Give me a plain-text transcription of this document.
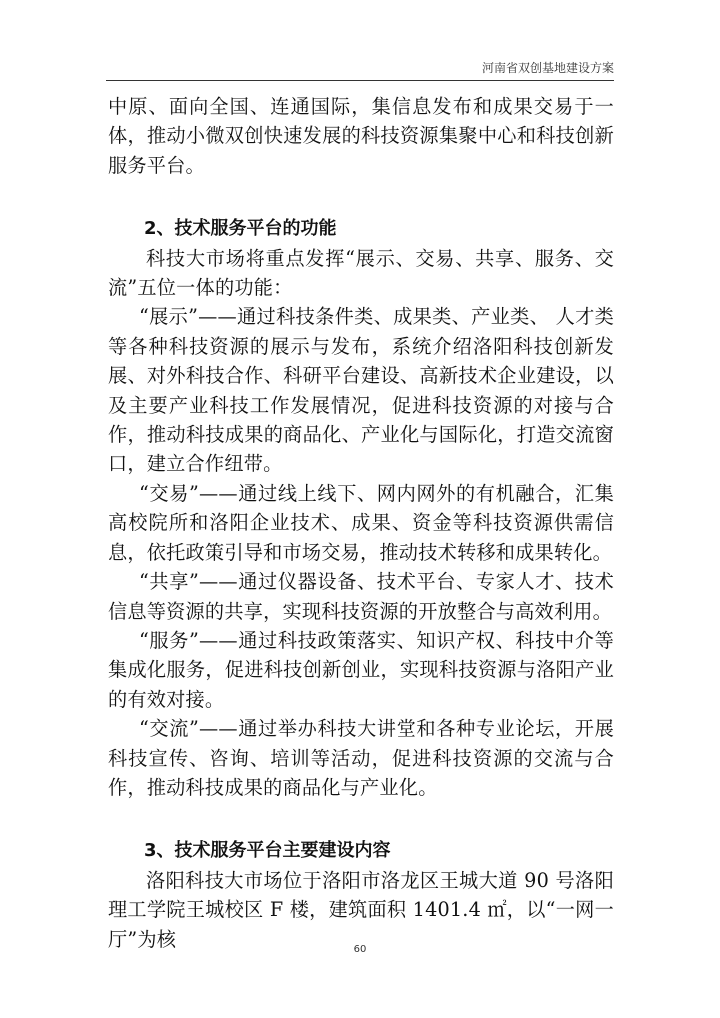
河南省双创基地建设方案

中原、面向全国、连通国际，集信息发布和成果交易于一体，推动小微双创快速发展的科技资源集聚中心和科技创新服务平台。

2、技术服务平台的功能

科技大市场将重点发挥“展示、交易、共享、服务、交流”五位一体的功能：

“展示”——通过科技条件类、成果类、产业类、 人才类等各种科技资源的展示与发布，系统介绍洛阳科技创新发展、对外科技合作、科研平台建设、高新技术企业建设，以及主要产业科技工作发展情况，促进科技资源的对接与合作，推动科技成果的商品化、产业化与国际化，打造交流窗口，建立合作纽带。

“交易”——通过线上线下、网内网外的有机融合，汇集高校院所和洛阳企业技术、成果、资金等科技资源供需信息，依托政策引导和市场交易，推动技术转移和成果转化。

“共享”——通过仪器设备、技术平台、专家人才、技术信息等资源的共享，实现科技资源的开放整合与高效利用。

“服务”——通过科技政策落实、知识产权、科技中介等集成化服务，促进科技创新创业，实现科技资源与洛阳产业的有效对接。

“交流”——通过举办科技大讲堂和各种专业论坛，开展科技宣传、咨询、培训等活动，促进科技资源的交流与合作，推动科技成果的商品化与产业化。

3、技术服务平台主要建设内容

洛阳科技大市场位于洛阳市洛龙区王城大道 90 号洛阳理工学院王城校区 F 楼，建筑面积 1401.4 ㎡，以“一网一厅”为核	60
